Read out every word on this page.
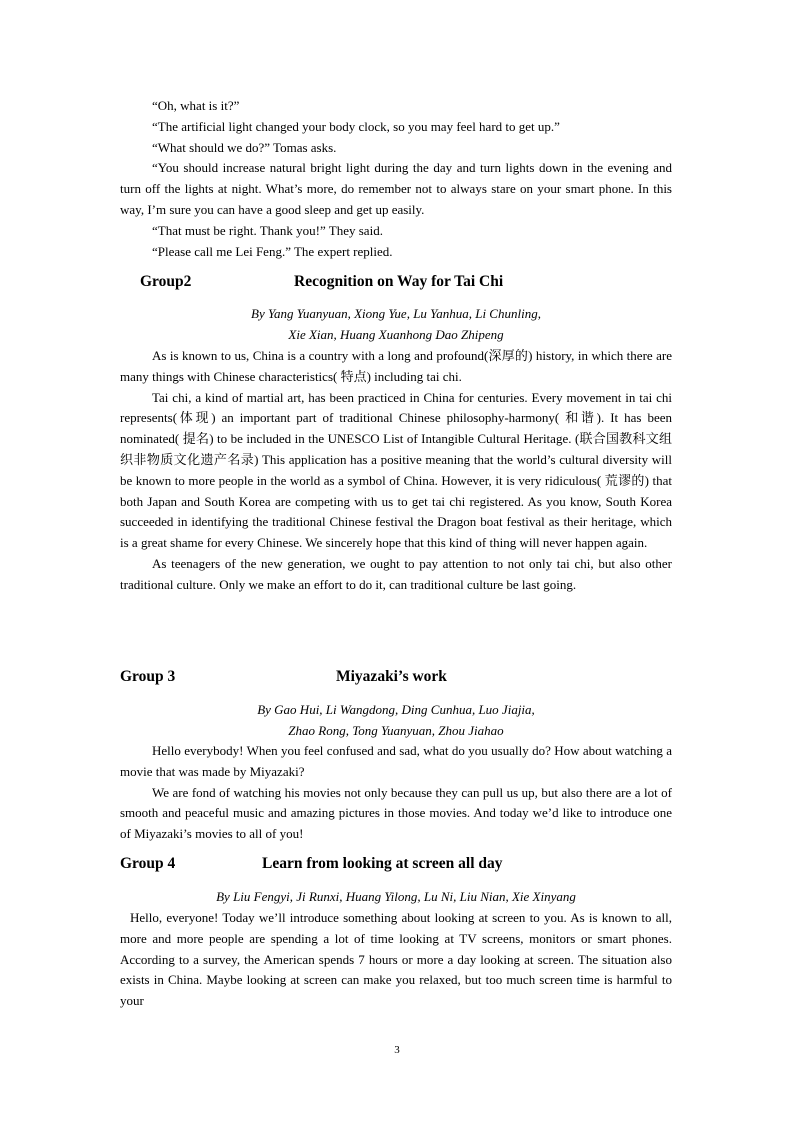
“Oh, what is it?”

“The artificial light changed your body clock, so you may feel hard to get up.”

“What should we do?” Tomas asks.

“You should increase natural bright light during the day and turn lights down in the evening and turn off the lights at night. What’s more, do remember not to always stare on your smart phone. In this way, I’m sure you can have a good sleep and get up easily.

“That must be right. Thank you!” They said.

“Please call me Lei Feng.” The expert replied.

Group2	Recognition on Way for Tai Chi
By Yang Yuanyuan, Xiong Yue, Lu Yanhua, Li Chunling,
Xie Xian, Huang Xuanhong Dao Zhipeng

As is known to us, China is a country with a long and profound(深厚的) history, in which there are many things with Chinese characteristics( 特点) including tai chi.

Tai chi, a kind of martial art, has been practiced in China for centuries. Every movement in tai chi represents(体现) an important part of traditional Chinese philosophy-harmony( 和谐). It has been nominated( 提名) to be included in the UNESCO List of Intangible Cultural Heritage. (联合国教科文组织非物质文化遗产名录) This application has a positive meaning that the world’s cultural diversity will be known to more people in the world as a symbol of China. However, it is very ridiculous( 荒谬的) that both Japan and South Korea are competing with us to get tai chi registered. As you know, South Korea succeeded in identifying the traditional Chinese festival the Dragon boat festival as their heritage, which is a great shame for every Chinese. We sincerely hope that this kind of thing will never happen again.

As teenagers of the new generation, we ought to pay attention to not only tai chi, but also other traditional culture. Only we make an effort to do it, can traditional culture be last going.

Group 3	Miyazaki’s work
By Gao Hui, Li Wangdong, Ding Cunhua, Luo Jiajia,
Zhao Rong, Tong Yuanyuan, Zhou Jiahao

Hello everybody! When you feel confused and sad, what do you usually do? How about watching a movie that was made by Miyazaki?

We are fond of watching his movies not only because they can pull us up, but also there are a lot of smooth and peaceful music and amazing pictures in those movies. And today we’d like to introduce one of Miyazaki’s movies to all of you!

Group 4	Learn from looking at screen all day
By Liu Fengyi, Ji Runxi, Huang Yilong, Lu Ni, Liu Nian, Xie Xinyang

Hello, everyone! Today we’ll introduce something about looking at screen to you. As is known to all, more and more people are spending a lot of time looking at TV screens, monitors or smart phones. According to a survey, the American spends 7 hours or more a day looking at screen. The situation also exists in China. Maybe looking at screen can make you relaxed, but too much screen time is harmful to your

3
